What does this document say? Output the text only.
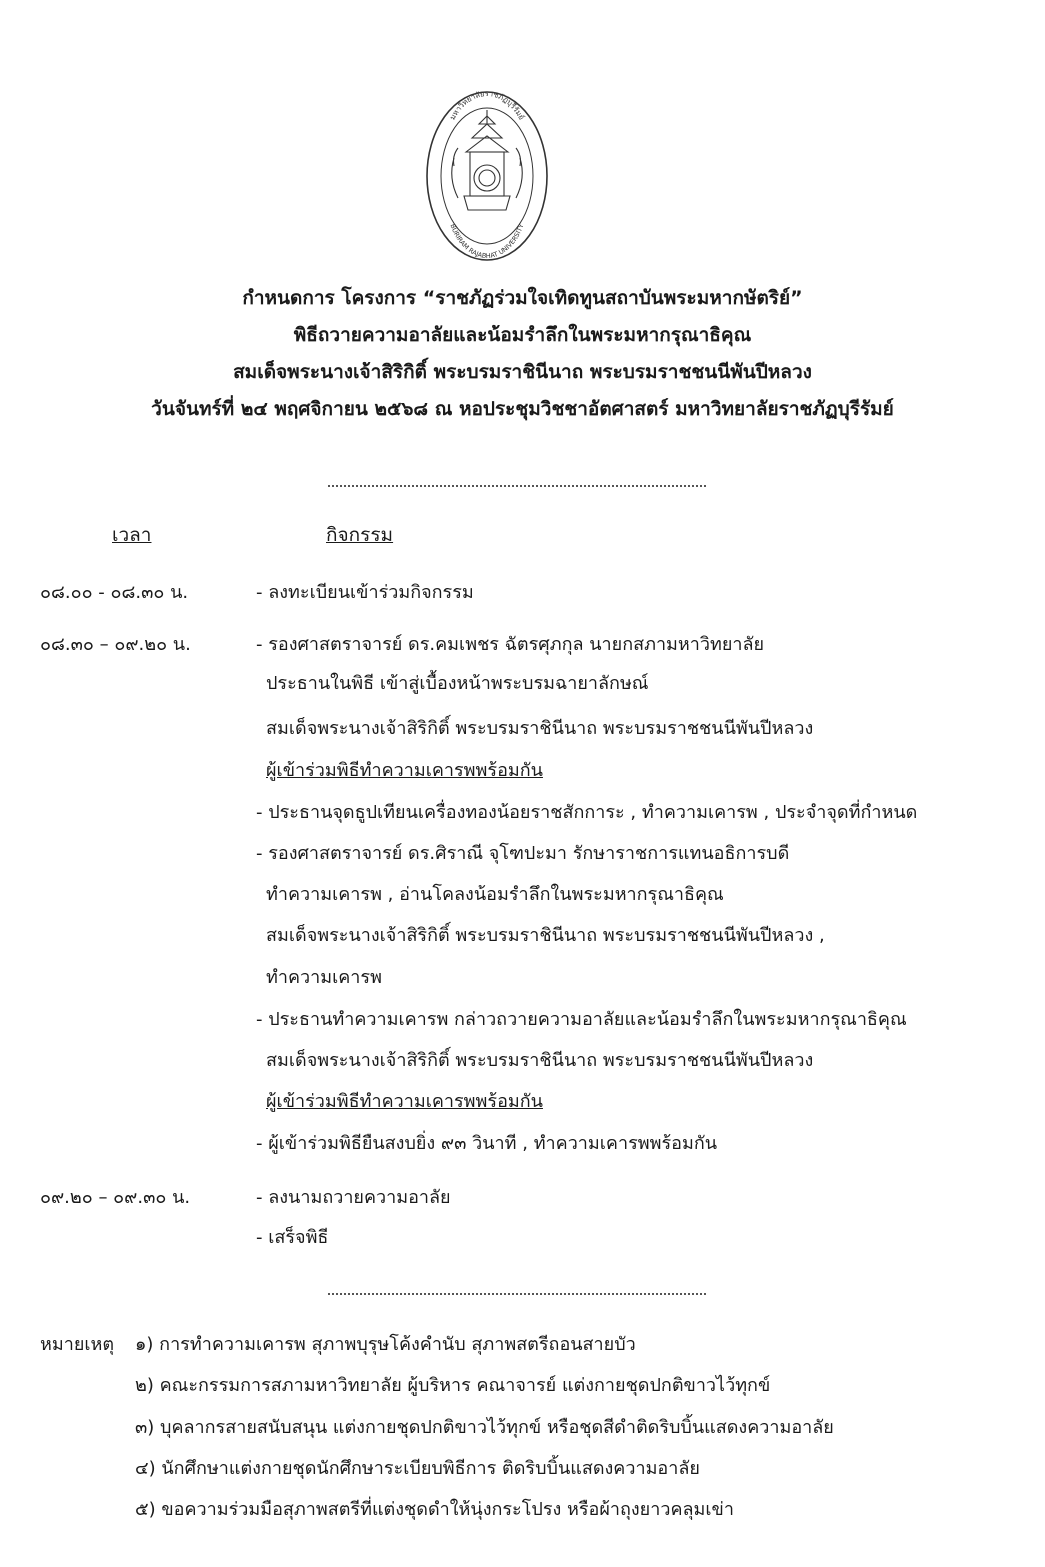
มหาวิทยาลัยราชภัฏบุรีรัมย์
BURIRAM RAJABHAT UNIVERSITY
กำหนดการ โครงการ “ราชภัฏร่วมใจเทิดทูนสถาบันพระมหากษัตริย์”
พิธีถวายความอาลัยและน้อมรำลึกในพระมหากรุณาธิคุณ
สมเด็จพระนางเจ้าสิริกิติ์ พระบรมราชินีนาถ พระบรมราชชนนีพันปีหลวง
วันจันทร์ที่ ๒๔ พฤศจิกายน ๒๕๖๘ ณ หอประชุมวิชชาอัตศาสตร์ มหาวิทยาลัยราชภัฏบุรีรัมย์
เวลา	กิจกรรม
๐๘.๐๐ - ๐๘.๓๐ น.	- ลงทะเบียนเข้าร่วมกิจกรรม
๐๘.๓๐ – ๐๙.๒๐ น.	- รองศาสตราจารย์ ดร.คมเพชร ฉัตรศุภกุล นายกสภามหาวิทยาลัย
ประธานในพิธี เข้าสู่เบื้องหน้าพระบรมฉายาลักษณ์
สมเด็จพระนางเจ้าสิริกิติ์ พระบรมราชินีนาถ พระบรมราชชนนีพันปีหลวง
ผู้เข้าร่วมพิธีทำความเคารพพร้อมกัน
- ประธานจุดธูปเทียนเครื่องทองน้อยราชสักการะ , ทำความเคารพ , ประจำจุดที่กำหนด
- รองศาสตราจารย์ ดร.ศิราณี จุโฑปะมา รักษาราชการแทนอธิการบดี
ทำความเคารพ , อ่านโคลงน้อมรำลึกในพระมหากรุณาธิคุณ
สมเด็จพระนางเจ้าสิริกิติ์ พระบรมราชินีนาถ พระบรมราชชนนีพันปีหลวง ,
ทำความเคารพ
- ประธานทำความเคารพ กล่าวถวายความอาลัยและน้อมรำลึกในพระมหากรุณาธิคุณ
สมเด็จพระนางเจ้าสิริกิติ์ พระบรมราชินีนาถ พระบรมราชชนนีพันปีหลวง
ผู้เข้าร่วมพิธีทำความเคารพพร้อมกัน
- ผู้เข้าร่วมพิธียืนสงบยิ่ง ๙๓ วินาที , ทำความเคารพพร้อมกัน
๐๙.๒๐ – ๐๙.๓๐ น.	- ลงนามถวายความอาลัย
- เสร็จพิธี
หมายเหตุ ๑) การทำความเคารพ สุภาพบุรุษโค้งคำนับ สุภาพสตรีถอนสายบัว
๒) คณะกรรมการสภามหาวิทยาลัย ผู้บริหาร คณาจารย์ แต่งกายชุดปกติขาวไว้ทุกข์
๓) บุคลากรสายสนับสนุน แต่งกายชุดปกติขาวไว้ทุกข์ หรือชุดสีดำติดริบบิ้นแสดงความอาลัย
๔) นักศึกษาแต่งกายชุดนักศึกษาระเบียบพิธีการ ติดริบบิ้นแสดงความอาลัย
๕) ขอความร่วมมือสุภาพสตรีที่แต่งชุดดำให้นุ่งกระโปรง หรือผ้าถุงยาวคลุมเข่า
